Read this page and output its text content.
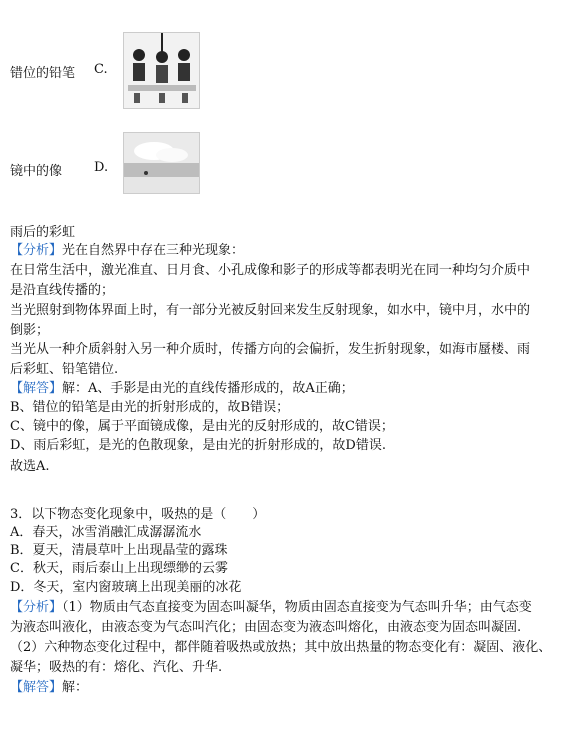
错位的铅笔 C.
镜中的像 D.
雨后的彩虹
【分析】光在自然界中存在三种光现象：
在日常生活中，激光准直、日月食、小孔成像和影子的形成等都表明光在同一种均匀介质中
是沿直线传播的；
当光照射到物体界面上时，有一部分光被反射回来发生反射现象，如水中，镜中月，水中的
倒影；
当光从一种介质斜射入另一种介质时，传播方向的会偏折，发生折射现象，如海市蜃楼、雨
后彩虹、铅笔错位.
【解答】解：A、手影是由光的直线传播形成的，故A正确；
B、错位的铅笔是由光的折射形成的，故B错误；
C、镜中的像，属于平面镜成像，是由光的反射形成的，故C错误；
D、雨后彩虹，是光的色散现象，是由光的折射形成的，故D错误.
故选A.
3．以下物态变化现象中，吸热的是（　　）
A．春天，冰雪消融汇成潺潺流水
B．夏天，清晨草叶上出现晶莹的露珠
C．秋天，雨后泰山上出现缥缈的云雾
D．冬天，室内窗玻璃上出现美丽的冰花
【分析】（1）物质由气态直接变为固态叫凝华，物质由固态直接变为气态叫升华；由气态变
为液态叫液化，由液态变为气态叫汽化；由固态变为液态叫熔化，由液态变为固态叫凝固.
（2）六种物态变化过程中，都伴随着吸热或放热；其中放出热量的物态变化有：凝固、液化、
凝华；吸热的有：熔化、汽化、升华.
【解答】解：
